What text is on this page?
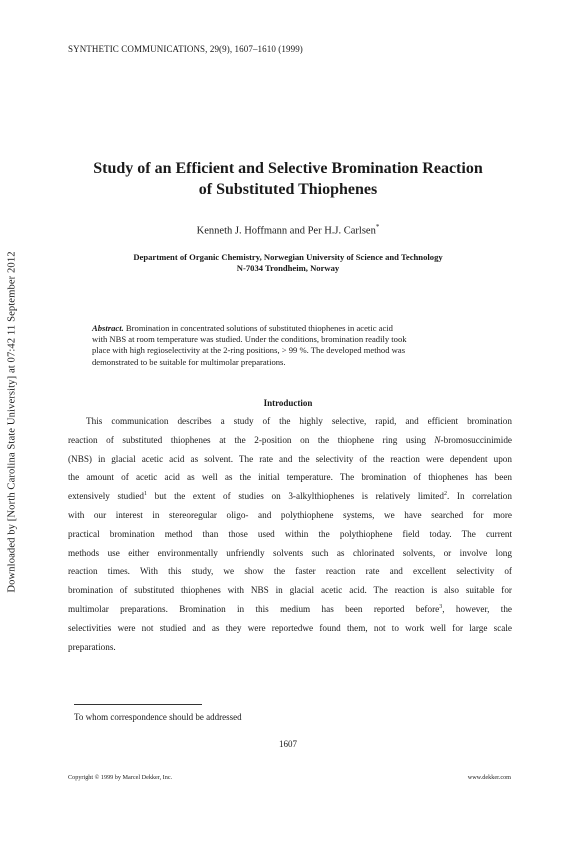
SYNTHETIC COMMUNICATIONS, 29(9), 1607–1610 (1999)
Downloaded by [North Carolina State University] at 07:42 11 September 2012
Study of an Efficient and Selective Bromination Reaction
of Substituted Thiophenes
Kenneth J. Hoffmann and Per H.J. Carlsen*
Department of Organic Chemistry, Norwegian University of Science and Technology
N-7034 Trondheim, Norway
Abstract. Bromination in concentrated solutions of substituted thiophenes in acetic acid
with NBS at room temperature was studied. Under the conditions, bromination readily took
place with high regioselectivity at the 2-ring positions, > 99 %. The developed method was
demonstrated to be suitable for multimolar preparations.
Introduction
This communication describes a study of the highly selective, rapid, and efficient bromination
reaction of substituted thiophenes at the 2-position on the thiophene ring using N-bromosuccinimide
(NBS) in glacial acetic acid as solvent. The rate and the selectivity of the reaction were dependent upon
the amount of acetic acid as well as the initial temperature. The bromination of thiophenes has been
extensively studied$^1$ but the extent of studies on 3-alkylthiophenes is relatively limited$^2$. In correlation
with our interest in stereoregular oligo- and polythiophene systems, we have searched for more
practical bromination method than those used within the polythiophene field today. The current
methods use either environmentally unfriendly solvents such as chlorinated solvents, or involve long
reaction times. With this study, we show the faster reaction rate and excellent selectivity of
bromination of substituted thiophenes with NBS in glacial acetic acid. The reaction is also suitable for
multimolar preparations. Bromination in this medium has been reported before$^3$, however, the
selectivities were not studied and as they were reportedwe found them, not to work well for large scale
preparations.
To whom correspondence should be addressed
1607
Copyright © 1999 by Marcel Dekker, Inc.	www.dekker.com
